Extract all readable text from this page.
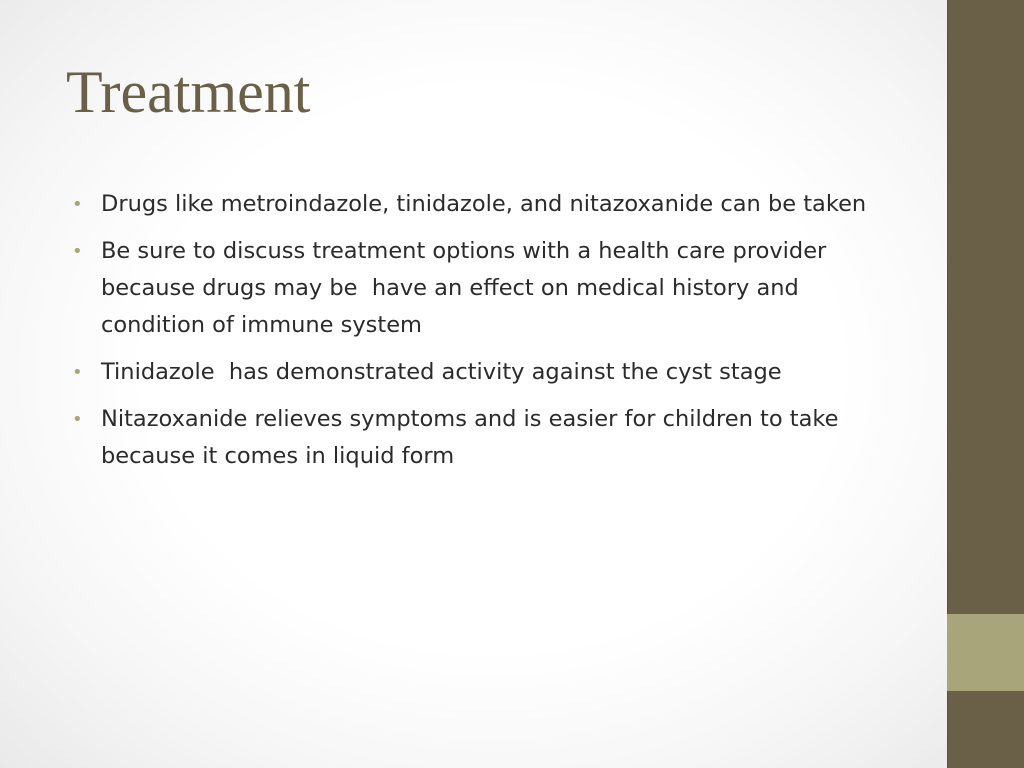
Treatment
• Drugs like metroindazole, tinidazole, and nitazoxanide can be taken
• Be sure to discuss treatment options with a health care provider because drugs may be  have an effect on medical history and condition of immune system
• Tinidazole  has demonstrated activity against the cyst stage
• Nitazoxanide relieves symptoms and is easier for children to take because it comes in liquid form
